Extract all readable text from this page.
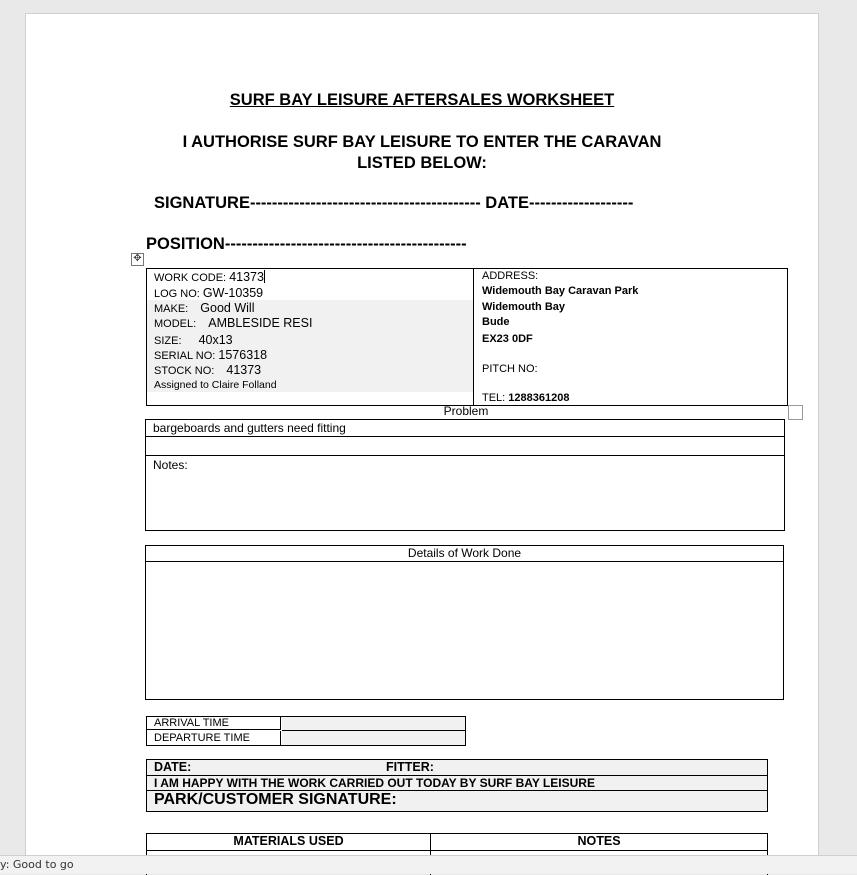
SURF BAY LEISURE AFTERSALES WORKSHEET
I AUTHORISE SURF BAY LEISURE TO ENTER THE CARAVAN
LISTED BELOW:
SIGNATURE------------------------------------------ DATE-------------------
POSITION--------------------------------------------
✥
WORK CODE: 41373
LOG NO: GW-10359
MAKE: Good Will
MODEL: AMBLESIDE RESI
SIZE: 40x13
SERIAL NO: 1576318
STOCK NO: 41373
Assigned to Claire Folland
ADDRESS:
Widemouth Bay Caravan Park
Widemouth Bay
Bude
EX23 0DF
PITCH NO:
TEL: 1288361208
Problem
bargeboards and gutters need fitting
Notes:
Details of Work Done
ARRIVAL TIME
DEPARTURE TIME
DATE:	FITTER:
I AM HAPPY WITH THE WORK CARRIED OUT TODAY BY SURF BAY LEISURE
PARK/CUSTOMER SIGNATURE:
MATERIALS USED	NOTES
y: Good to go
